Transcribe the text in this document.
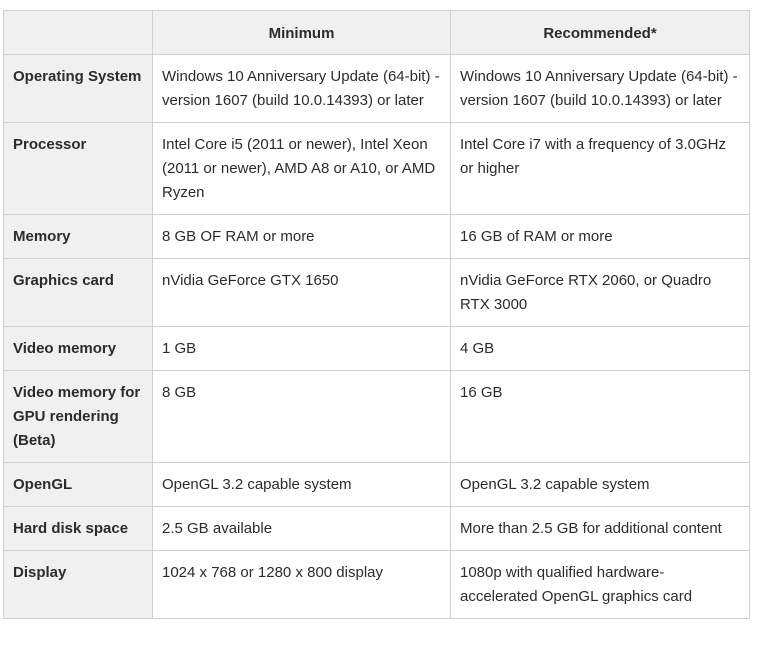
	Minimum	Recommended*
Operating System	Windows 10 Anniversary Update (64-bit) - version 1607 (build 10.0.14393) or later	Windows 10 Anniversary Update (64-bit) - version 1607 (build 10.0.14393) or later
Processor	Intel Core i5 (2011 or newer), Intel Xeon (2011 or newer), AMD A8 or A10, or AMD Ryzen	Intel Core i7 with a frequency of 3.0GHz or higher
Memory	8 GB OF RAM or more	16 GB of RAM or more
Graphics card	nVidia GeForce GTX 1650	nVidia GeForce RTX 2060, or Quadro RTX 3000
Video memory	1 GB	4 GB
Video memory for GPU rendering (Beta)	8 GB	16 GB
OpenGL	OpenGL 3.2 capable system	OpenGL 3.2 capable system
Hard disk space	2.5 GB available	More than 2.5 GB for additional content
Display	1024 x 768 or 1280 x 800 display	1080p with qualified hardware-accelerated OpenGL graphics card
